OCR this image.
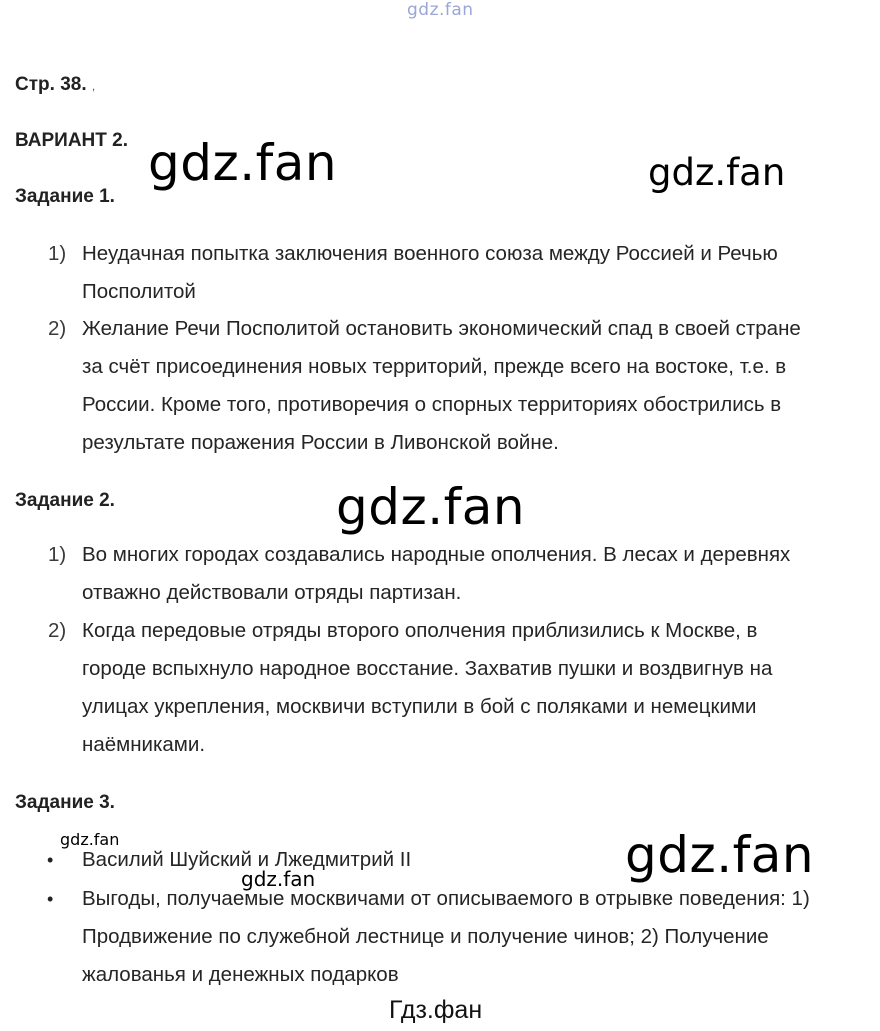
gdz.fan
Стр. 38. ,
ВАРИАНТ 2.
Задание 1.
1) Неудачная попытка заключения военного союза между Россией и Речью
Посполитой
2) Желание Речи Посполитой остановить экономический спад в своей стране
за счёт присоединения новых территорий, прежде всего на востоке, т.е. в
России. Кроме того, противоречия о спорных территориях обострились в
результате поражения России в Ливонской войне.
Задание 2.
1) Во многих городах создавались народные ополчения. В лесах и деревнях
отважно действовали отряды партизан.
2) Когда передовые отряды второго ополчения приблизились к Москве, в
городе вспыхнуло народное восстание. Захватив пушки и воздвигнув на
улицах укрепления, москвичи вступили в бой с поляками и немецкими
наёмниками.
Задание 3.
• Василий Шуйский и Лжедмитрий II
• Выгоды, получаемые москвичами от описываемого в отрывке поведения: 1)
Продвижение по служебной лестнице и получение чинов; 2) Получение
жалованья и денежных подарков
gdz.fan	gdz.fan
gdz.fan
gdz.fan	gdz.fan
gdz.fan
Гдз.фан
